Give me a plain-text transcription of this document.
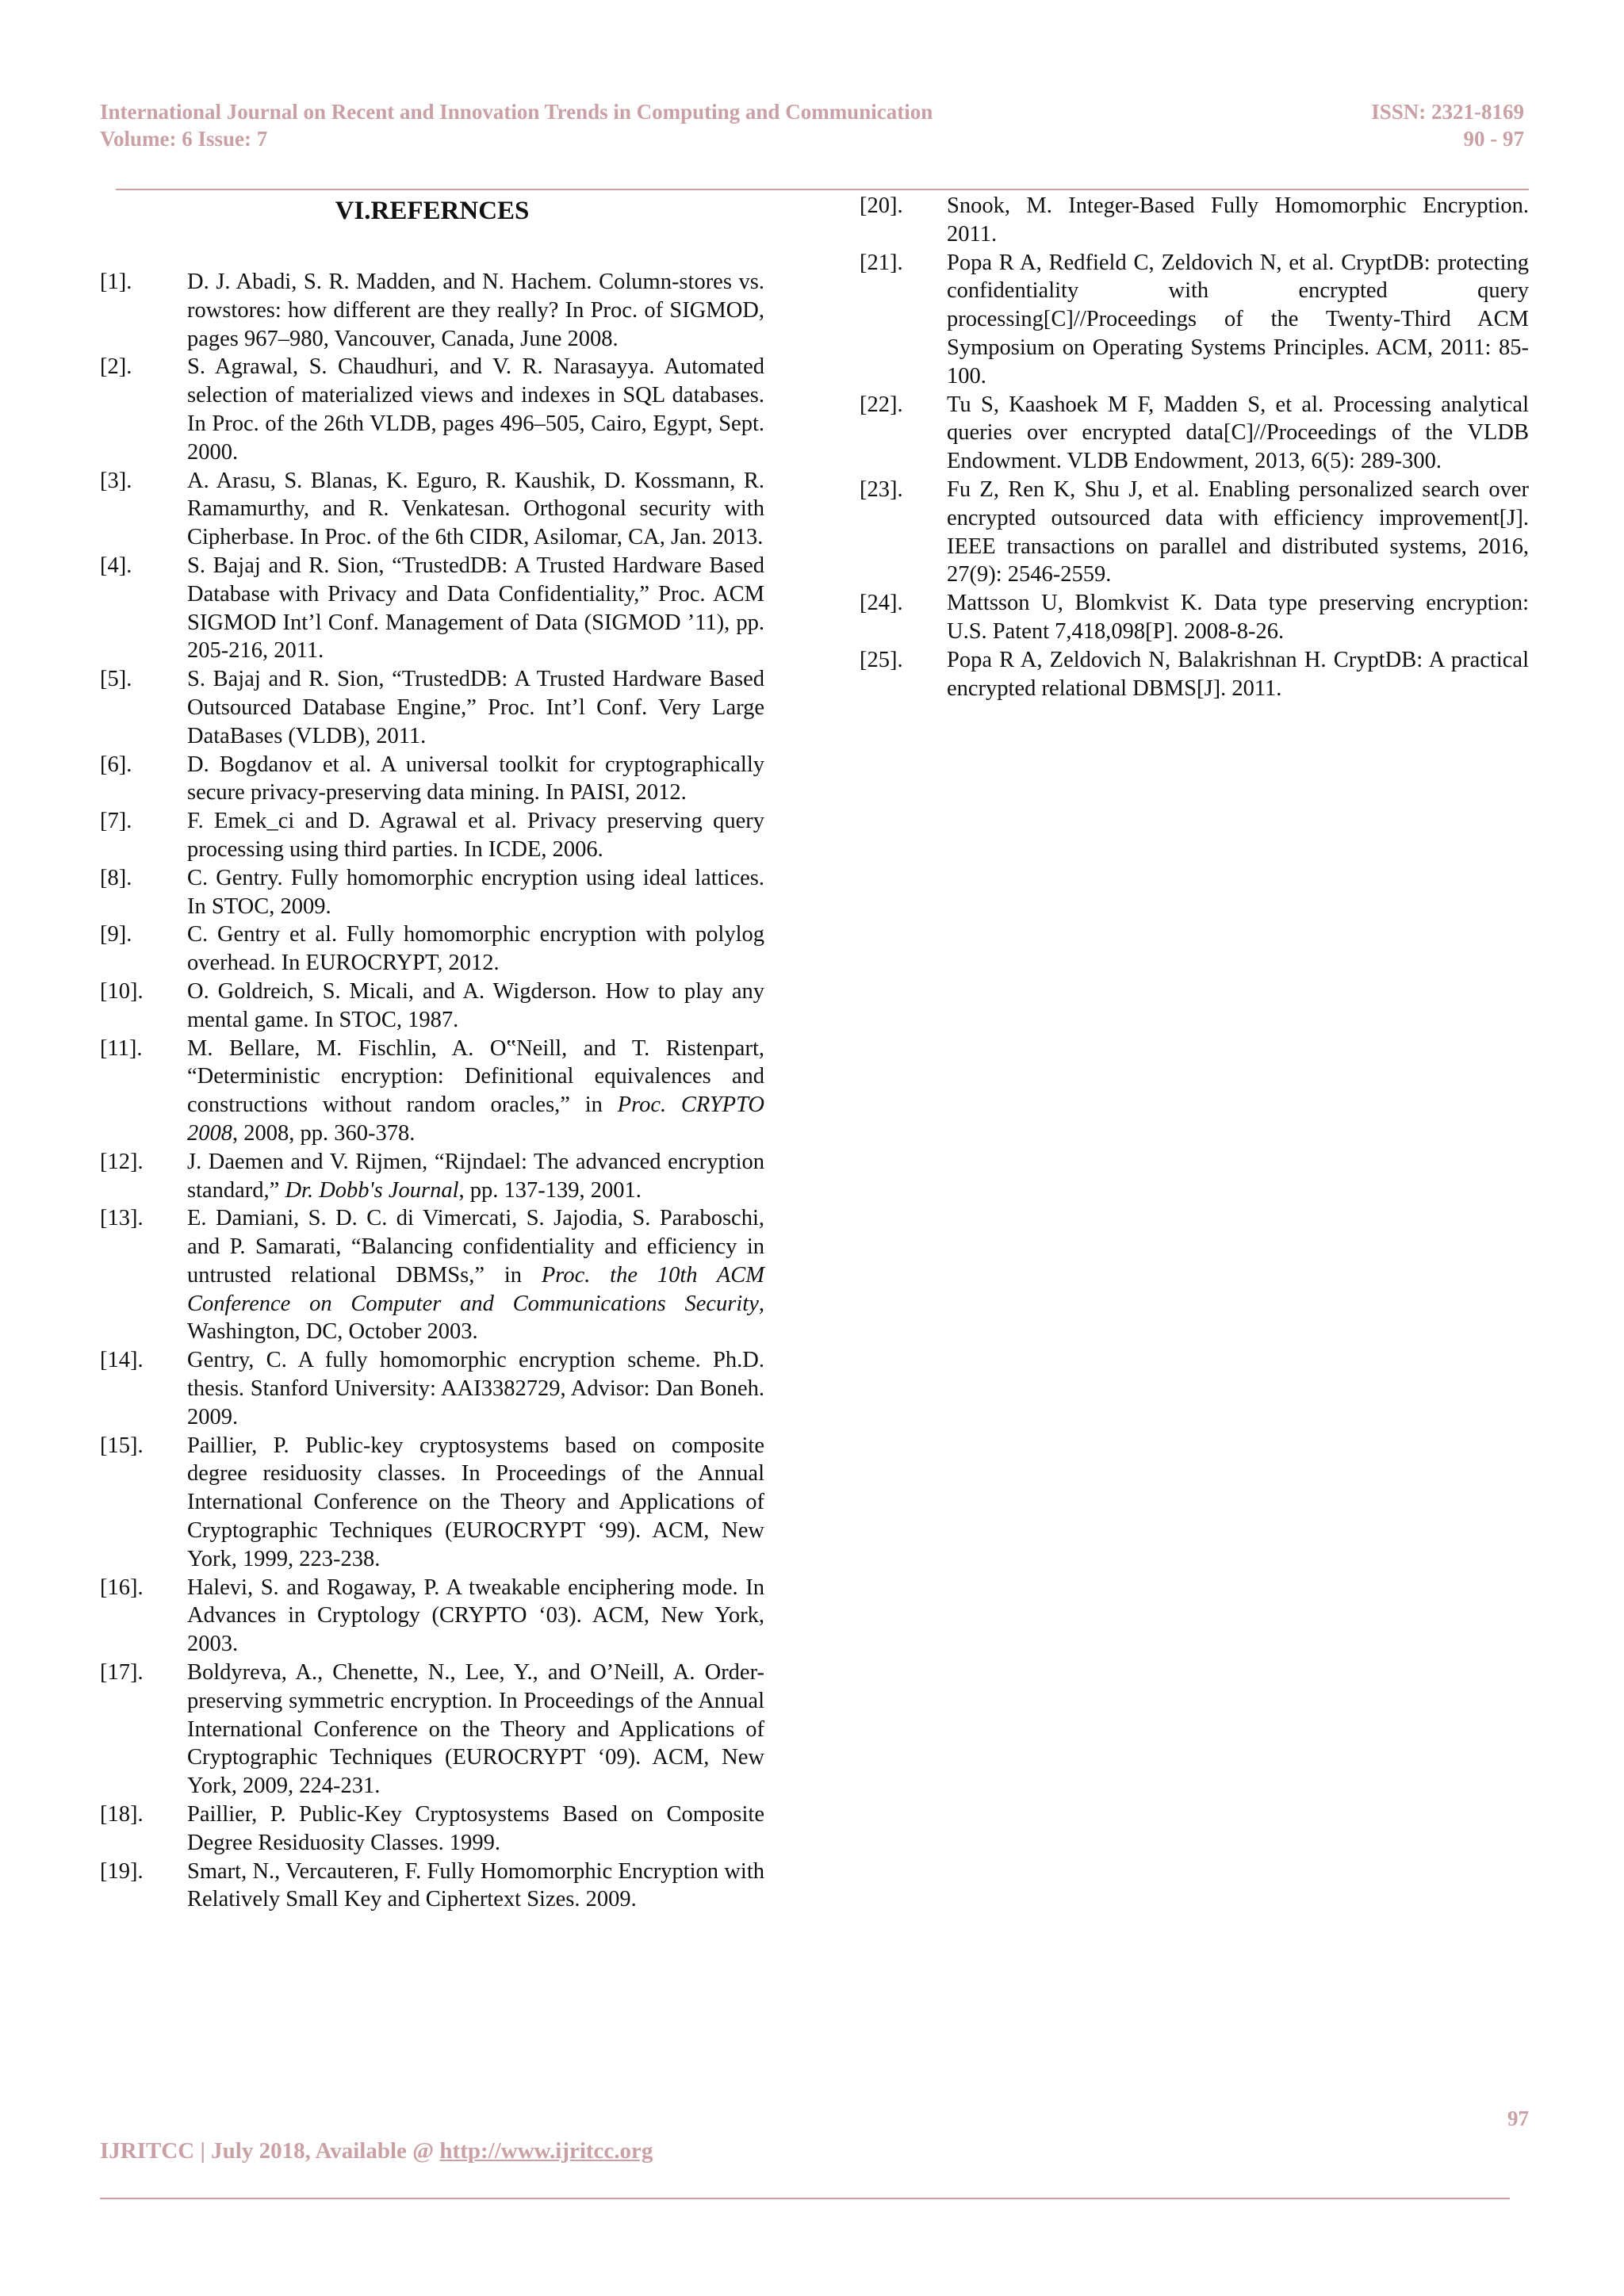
International Journal on Recent and Innovation Trends in Computing and Communication
Volume: 6 Issue: 7
ISSN: 2321-8169
90 - 97
VI.REFERNCES
[1].	D. J. Abadi, S. R. Madden, and N. Hachem. Column-stores vs. rowstores: how different are they really? In Proc. of SIGMOD, pages 967–980, Vancouver, Canada, June 2008.
[2].	S. Agrawal, S. Chaudhuri, and V. R. Narasayya. Automated selection of materialized views and indexes in SQL databases. In Proc. of the 26th VLDB, pages 496–505, Cairo, Egypt, Sept. 2000.
[3].	A. Arasu, S. Blanas, K. Eguro, R. Kaushik, D. Kossmann, R. Ramamurthy, and R. Venkatesan. Orthogonal security with Cipherbase. In Proc. of the 6th CIDR, Asilomar, CA, Jan. 2013.
[4].	S. Bajaj and R. Sion, “TrustedDB: A Trusted Hardware Based Database with Privacy and Data Confidentiality,” Proc. ACM SIGMOD Int’l Conf. Management of Data (SIGMOD ’11), pp. 205-216, 2011.
[5].	S. Bajaj and R. Sion, “TrustedDB: A Trusted Hardware Based Outsourced Database Engine,” Proc. Int’l Conf. Very Large DataBases (VLDB), 2011.
[6].	D. Bogdanov et al. A universal toolkit for cryptographically secure privacy-preserving data mining. In PAISI, 2012.
[7].	F. Emek_ci and D. Agrawal et al. Privacy preserving query processing using third parties. In ICDE, 2006.
[8].	C. Gentry. Fully homomorphic encryption using ideal lattices. In STOC, 2009.
[9].	C. Gentry et al. Fully homomorphic encryption with polylog overhead. In EUROCRYPT, 2012.
[10].	O. Goldreich, S. Micali, and A. Wigderson. How to play any mental game. In STOC, 1987.
[11].	M. Bellare, M. Fischlin, A. O‟Neill, and T. Ristenpart, “Deterministic encryption: Definitional equivalences and constructions without random oracles,” in Proc. CRYPTO 2008, 2008, pp. 360-378.
[12].	J. Daemen and V. Rijmen, “Rijndael: The advanced encryption standard,” Dr. Dobb's Journal, pp. 137-139, 2001.
[13].	E. Damiani, S. D. C. di Vimercati, S. Jajodia, S. Paraboschi, and P. Samarati, “Balancing confidentiality and efficiency in untrusted relational DBMSs,” in Proc. the 10th ACM Conference on Computer and Communications Security, Washington, DC, October 2003.
[14].	Gentry, C. A fully homomorphic encryption scheme. Ph.D. thesis. Stanford University: AAI3382729, Advisor: Dan Boneh. 2009.
[15].	Paillier, P. Public-key cryptosystems based on composite degree residuosity classes. In Proceedings of the Annual International Conference on the Theory and Applications of Cryptographic Techniques (EUROCRYPT ‘99). ACM, New York, 1999, 223-238.
[16].	Halevi, S. and Rogaway, P. A tweakable enciphering mode. In Advances in Cryptology (CRYPTO ‘03). ACM, New York, 2003.
[17].	Boldyreva, A., Chenette, N., Lee, Y., and O’Neill, A. Order-preserving symmetric encryption. In Proceedings of the Annual International Conference on the Theory and Applications of Cryptographic Techniques (EUROCRYPT ‘09). ACM, New York, 2009, 224-231.
[18].	Paillier, P. Public-Key Cryptosystems Based on Composite Degree Residuosity Classes. 1999.
[19].	Smart, N., Vercauteren, F. Fully Homomorphic Encryption with Relatively Small Key and Ciphertext Sizes. 2009.
[20].	Snook, M. Integer-Based Fully Homomorphic Encryption. 2011.
[21].	Popa R A, Redfield C, Zeldovich N, et al. CryptDB: protecting confidentiality with encrypted query processing[C]//Proceedings of the Twenty-Third ACM Symposium on Operating Systems Principles. ACM, 2011: 85-100.
[22].	Tu S, Kaashoek M F, Madden S, et al. Processing analytical queries over encrypted data[C]//Proceedings of the VLDB Endowment. VLDB Endowment, 2013, 6(5): 289-300.
[23].	Fu Z, Ren K, Shu J, et al. Enabling personalized search over encrypted outsourced data with efficiency improvement[J]. IEEE transactions on parallel and distributed systems, 2016, 27(9): 2546-2559.
[24].	Mattsson U, Blomkvist K. Data type preserving encryption: U.S. Patent 7,418,098[P]. 2008-8-26.
[25].	Popa R A, Zeldovich N, Balakrishnan H. CryptDB: A practical encrypted relational DBMS[J]. 2011.
97
IJRITCC | July 2018, Available @ http://www.ijritcc.org
